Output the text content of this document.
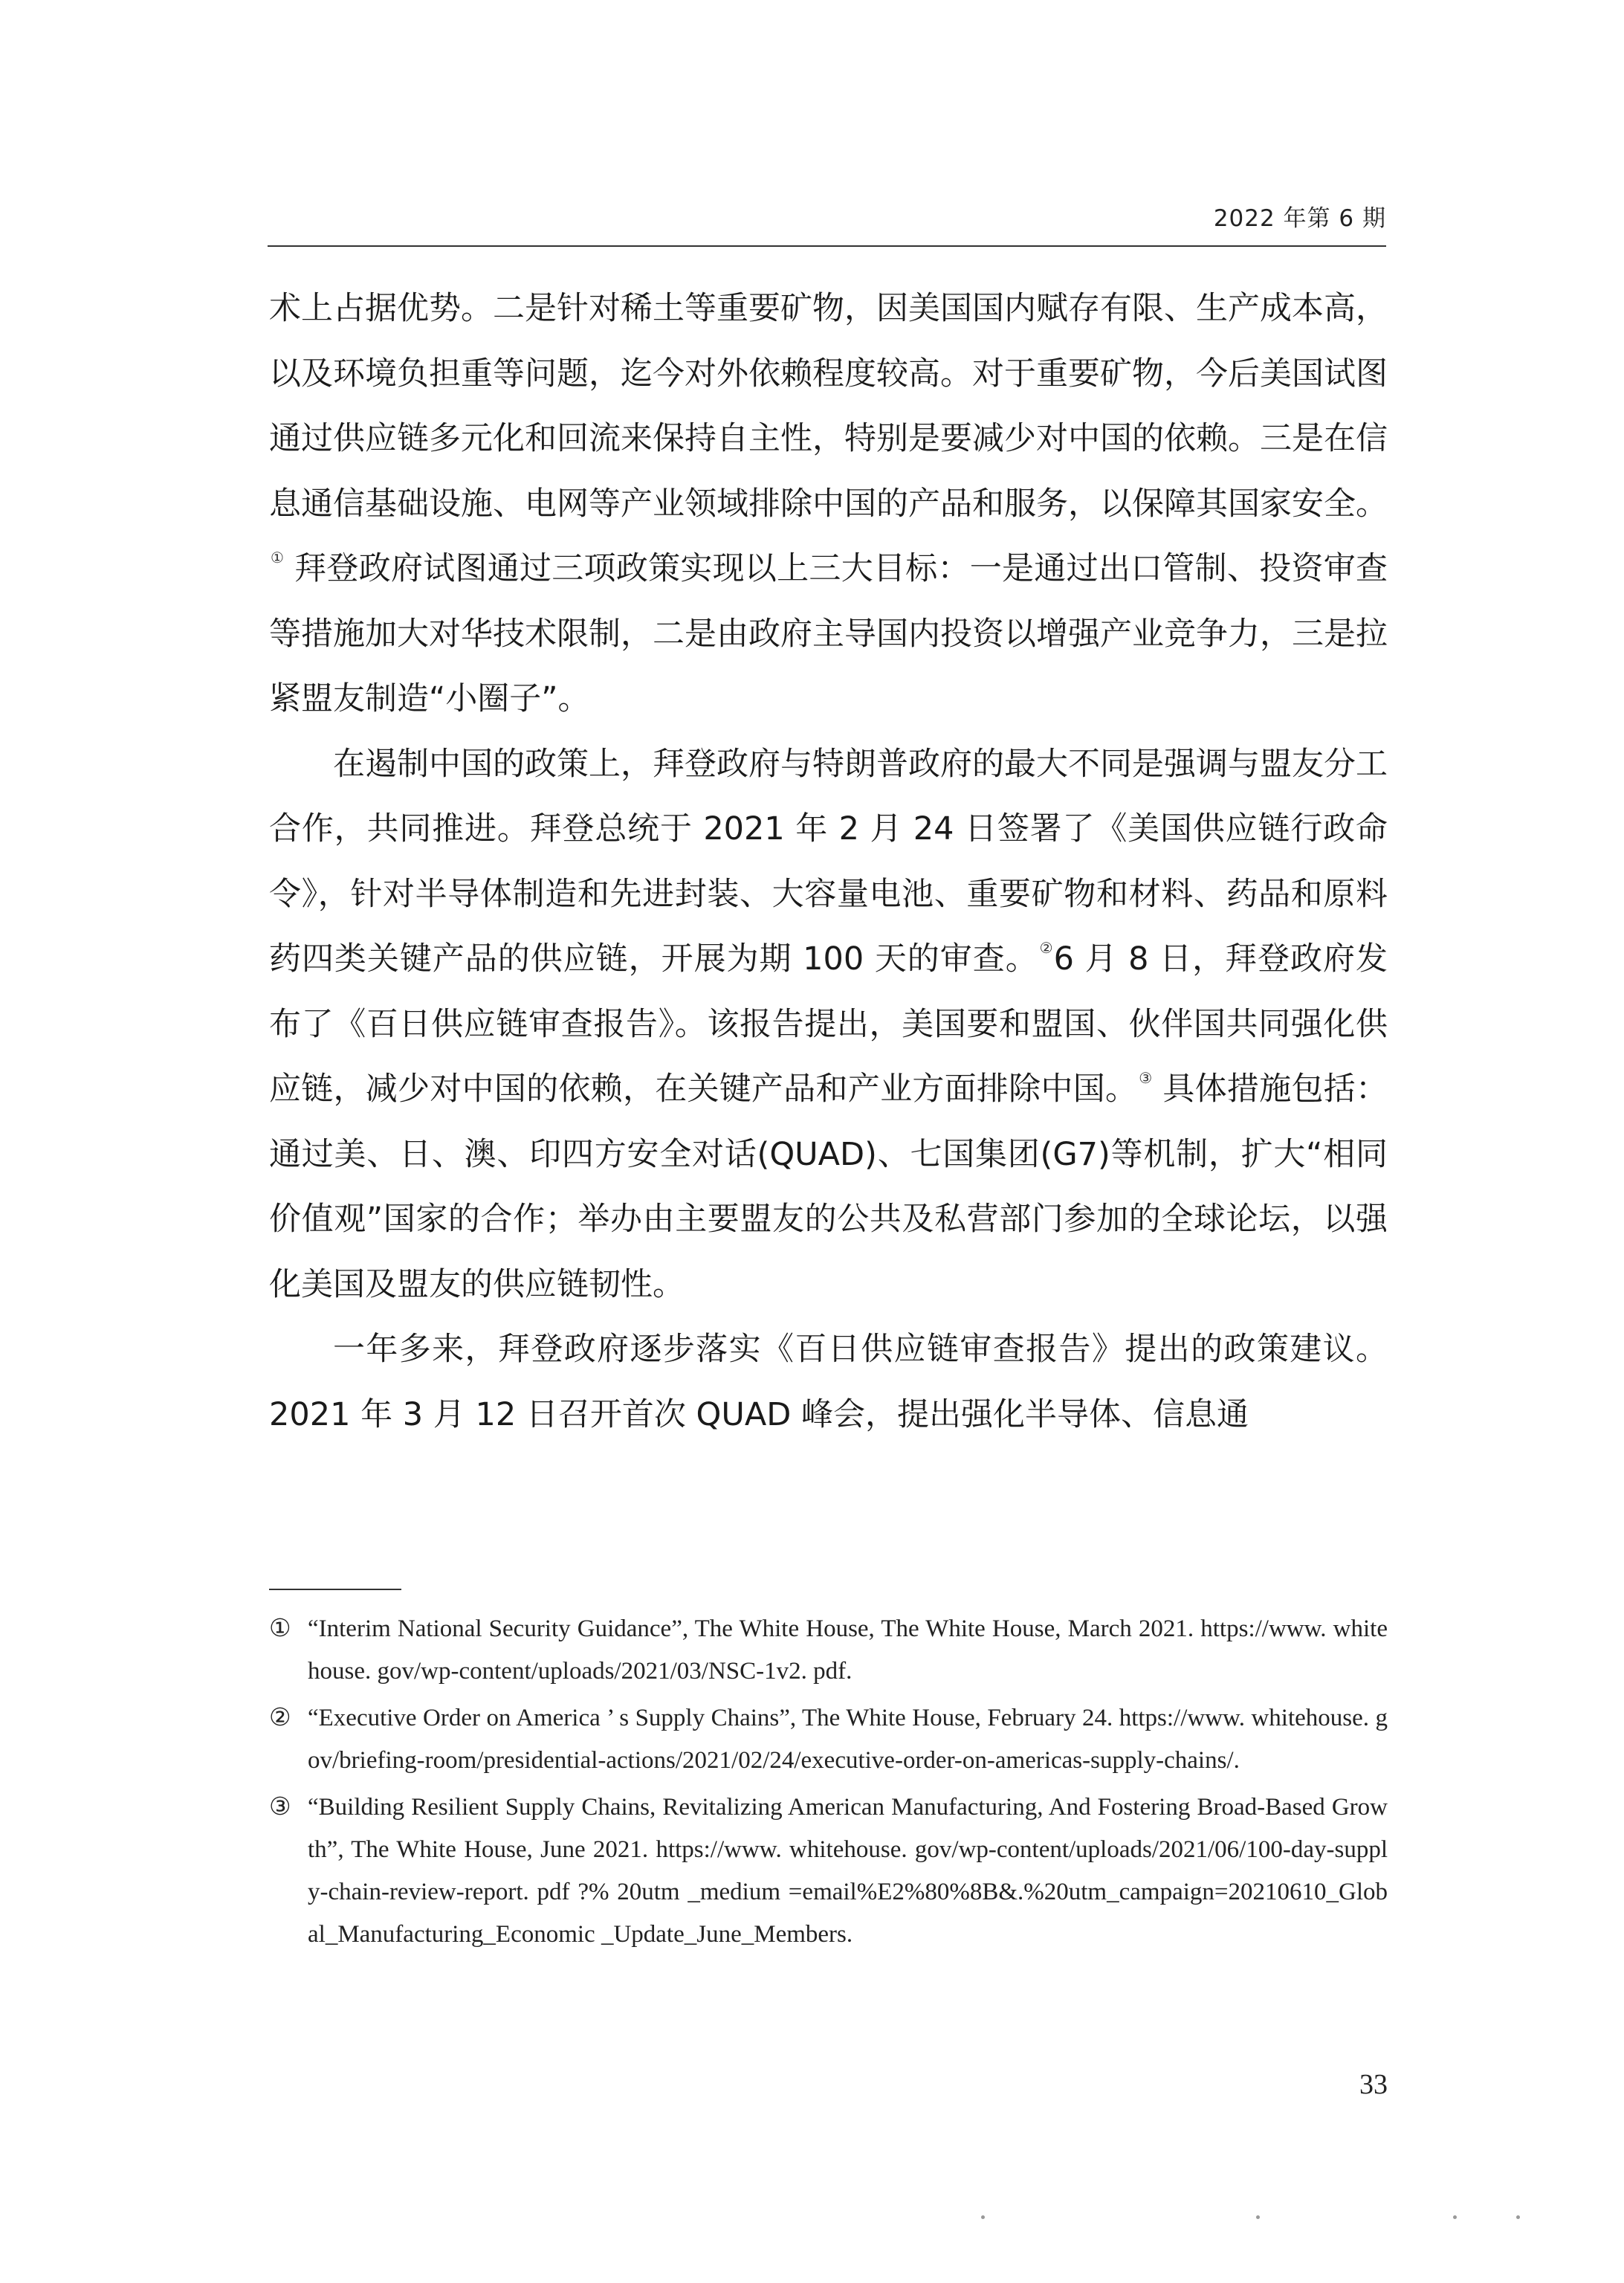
2022 年第 6 期

术上占据优势。二是针对稀土等重要矿物，因美国国内赋存有限、生产成本高，以及环境负担重等问题，迄今对外依赖程度较高。对于重要矿物，今后美国试图通过供应链多元化和回流来保持自主性，特别是要减少对中国的依赖。三是在信息通信基础设施、电网等产业领域排除中国的产品和服务，以保障其国家安全。① 拜登政府试图通过三项政策实现以上三大目标：一是通过出口管制、投资审查等措施加大对华技术限制，二是由政府主导国内投资以增强产业竞争力，三是拉紧盟友制造“小圈子”。

在遏制中国的政策上，拜登政府与特朗普政府的最大不同是强调与盟友分工合作，共同推进。拜登总统于 2021 年 2 月 24 日签署了《美国供应链行政命令》，针对半导体制造和先进封装、大容量电池、重要矿物和材料、药品和原料药四类关键产品的供应链，开展为期 100 天的审查。 ②6 月 8 日，拜登政府发布了《百日供应链审查报告》。该报告提出，美国要和盟国、伙伴国共同强化供应链，减少对中国的依赖，在关键产品和产业方面排除中国。 ③ 具体措施包括：通过美、日、澳、印四方安全对话(QUAD)、七国集团(G7)等机制，扩大“相同价值观”国家的合作；举办由主要盟友的公共及私营部门参加的全球论坛，以强化美国及盟友的供应链韧性。

一年多来，拜登政府逐步落实《百日供应链审查报告》提出的政策建议。2021 年 3 月 12 日召开首次 QUAD 峰会，提出强化半导体、信息通

① “Interim National Security Guidance”, The White House, The White House, March 2021. https://www. whitehouse. gov/wp-content/uploads/2021/03/NSC-1v2. pdf.
② “Executive Order on America ’ s Supply Chains”, The White House, February 24. https://www. whitehouse. gov/briefing-room/presidential-actions/2021/02/24/executive-order-on-americas-supply-chains/.
③ “Building Resilient Supply Chains, Revitalizing American Manufacturing, And Fostering Broad-Based Growth”, The White House, June 2021. https://www. whitehouse. gov/wp-content/uploads/2021/06/100-day-supply-chain-review-report. pdf ?% 20utm _medium =email%E2%80%8B&.%20utm_campaign=20210610_Global_Manufacturing_Economic _Update_June_Members.
33
